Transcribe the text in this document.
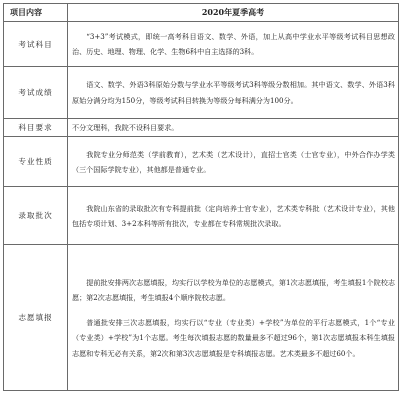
项目内容	2020年夏季高考
考试科目	“3+3”考试模式，即统一高考科目语文、数学、外语，加上从高中学业水平等级考试科目思想政治、历史、地理、物理、化学、生物6科中自主选择的3科。

考试成绩	语文、数学、外语3科原始分数与学业水平等级考试3科等级分数相加。其中语文、数学、外语3科原始分满分均为150分，等级考试科目转换为等级分每科满分为100分。

科目要求	不分文理科，我院不设科目要求。

专业性质	我院专业分师范类（学前教育），艺术类（艺术设计），直招士官类（士官专业），中外合作办学类（三个国际学院专业），其他都是普通专业。

录取批次	我院山东省的录取批次有专科提前批（定向培养士官专业），艺术类专科批（艺术设计专业），其他包括专项计划、3+2本科等所有批次，专业都在专科常规批次录取。

志愿填报	提前批安排两次志愿填报，均实行以学校为单位的志愿模式，第1次志愿填报，考生填报1个院校志愿；第2次志愿填报，考生填报4个顺序院校志愿。

普通批安排三次志愿填报，均实行以“专业（专业类）+学校”为单位的平行志愿模式，1个“专业（专业类）+学校”为1个志愿。考生每次填报志愿的数量最多不超过96个，第1次志愿填报本科生填报志愿和专科无必有关系，第2次和第3次志愿填报是专科填报志愿。艺术类最多不超过60个。
